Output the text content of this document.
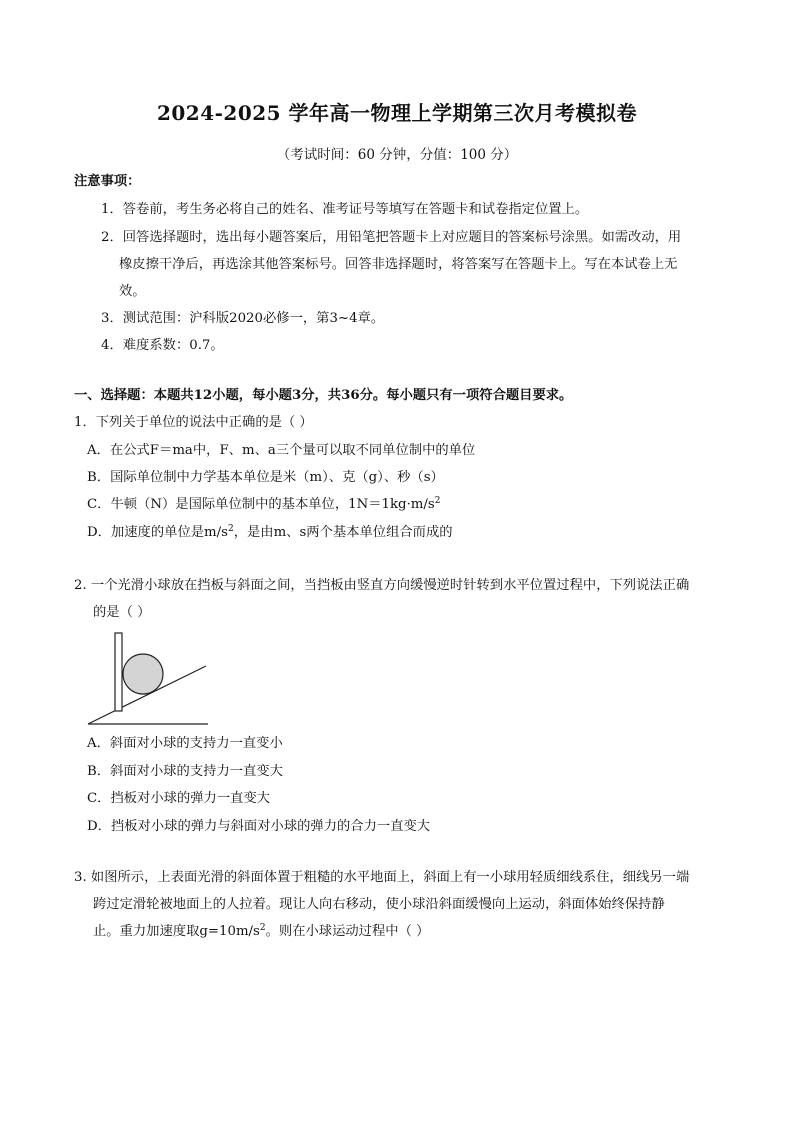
2024-2025 学年高一物理上学期第三次月考模拟卷
（考试时间：60 分钟，分值：100 分）
注意事项：
1．答卷前，考生务必将自己的姓名、准考证号等填写在答题卡和试卷指定位置上。
2．回答选择题时，选出每小题答案后，用铅笔把答题卡上对应题目的答案标号涂黑。如需改动，用
橡皮擦干净后，再选涂其他答案标号。回答非选择题时，将答案写在答题卡上。写在本试卷上无
效。
3．测试范围：沪科版2020必修一，第3~4章。
4．难度系数：0.7。
一、选择题：本题共12小题，每小题3分，共36分。每小题只有一项符合题目要求。
1．下列关于单位的说法中正确的是（ ）
A．在公式F＝ma中，F、m、a三个量可以取不同单位制中的单位
B．国际单位制中力学基本单位是米（m）、克（g）、秒（s）
C．牛顿（N）是国际单位制中的基本单位，$1N=1kg\cdot m/s^2$
D．加速度的单位是$m/s^2$，是由m、s两个基本单位组合而成的
2. 一个光滑小球放在挡板与斜面之间，当挡板由竖直方向缓慢逆时针转到水平位置过程中，下列说法正确
的是（ ）
A．斜面对小球的支持力一直变小
B．斜面对小球的支持力一直变大
C．挡板对小球的弹力一直变大
D．挡板对小球的弹力与斜面对小球的弹力的合力一直变大
3. 如图所示，上表面光滑的斜面体置于粗糙的水平地面上，斜面上有一小球用轻质细线系住，细线另一端
跨过定滑轮被地面上的人拉着。现让人向右移动，使小球沿斜面缓慢向上运动，斜面体始终保持静
止。重力加速度取$g=10m/s^2$。则在小球运动过程中（ ）
